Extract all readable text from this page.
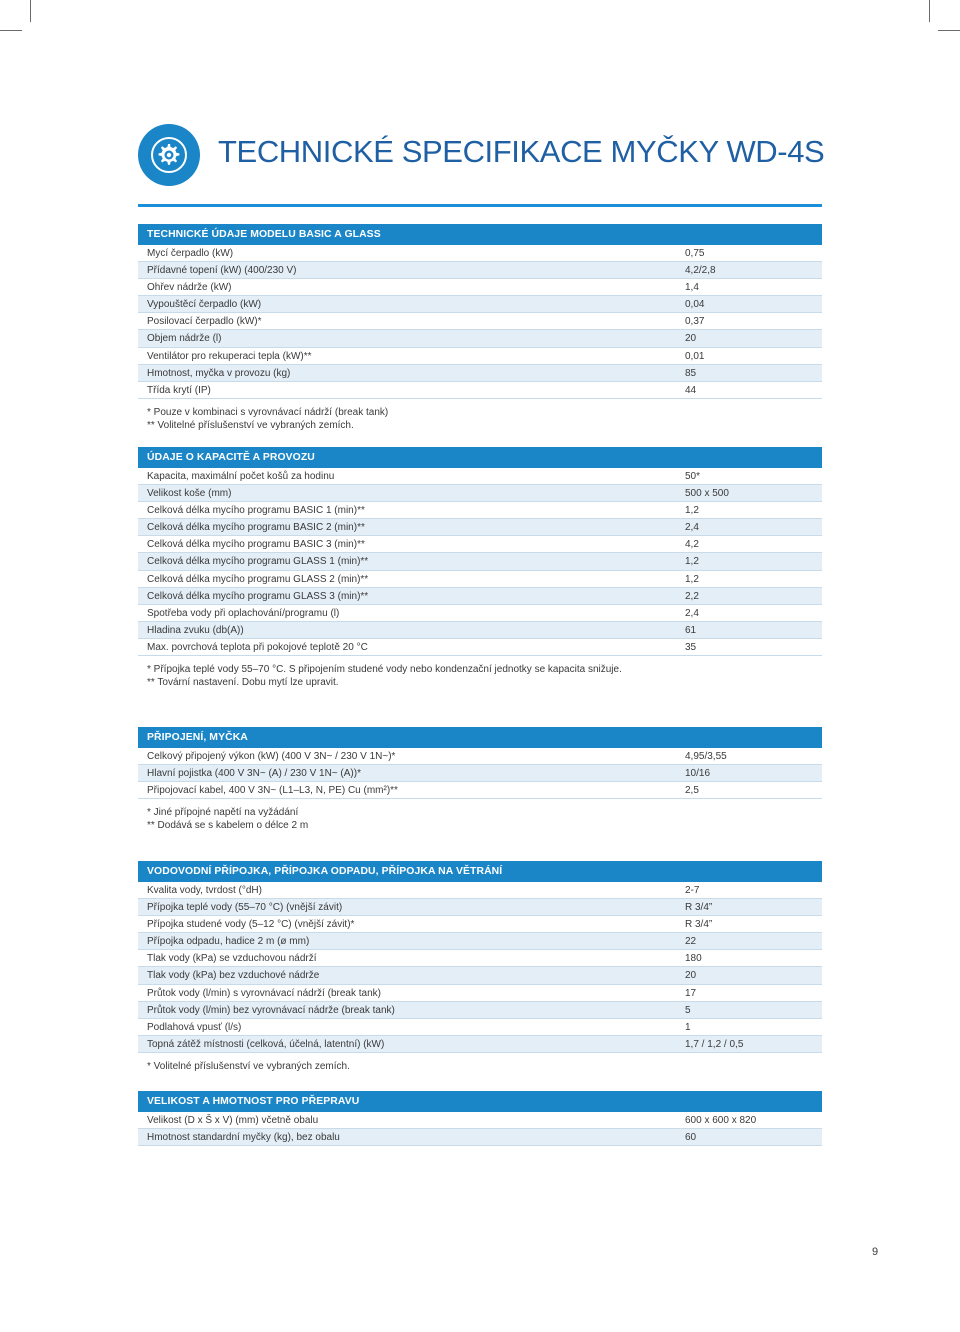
TECHNICKÉ SPECIFIKACE MYČKY WD-4S
TECHNICKÉ ÚDAJE MODELU BASIC A GLASS
Mycí čerpadlo (kW)	0,75
Přídavné topení (kW) (400/230 V)	4,2/2,8
Ohřev nádrže (kW)	1,4
Vypouštěcí čerpadlo (kW)	0,04
Posilovací čerpadlo (kW)*	0,37
Objem nádrže (l)	20
Ventilátor pro rekuperaci tepla (kW)**	0,01
Hmotnost, myčka v provozu (kg)	85
Třída krytí (IP)	44
* Pouze v kombinaci s vyrovnávací nádrží (break tank)
** Volitelné příslušenství ve vybraných zemích.
ÚDAJE O KAPACITĚ A PROVOZU
Kapacita, maximální počet košů za hodinu	50*
Velikost koše (mm)	500 x 500
Celková délka mycího programu BASIC 1 (min)**	1,2
Celková délka mycího programu BASIC 2 (min)**	2,4
Celková délka mycího programu BASIC 3 (min)**	4,2
Celková délka mycího programu GLASS 1 (min)**	1,2
Celková délka mycího programu GLASS 2 (min)**	1,2
Celková délka mycího programu GLASS 3 (min)**	2,2
Spotřeba vody při oplachování/programu (l)	2,4
Hladina zvuku (db(A))	61
Max. povrchová teplota při pokojové teplotě 20 °C	35
* Přípojka teplé vody 55–70 °C. S připojením studené vody nebo kondenzační jednotky se kapacita snižuje.
** Tovární nastavení. Dobu mytí lze upravit.
PŘIPOJENÍ, MYČKA
Celkový připojený výkon (kW) (400 V 3N~ / 230 V 1N~)*	4,95/3,55
Hlavní pojistka (400 V 3N~ (A) / 230 V 1N~ (A))*	10/16
Připojovací kabel, 400 V 3N~ (L1–L3, N, PE) Cu (mm²)**	2,5
* Jiné přípojné napětí na vyžádání
** Dodává se s kabelem o délce 2 m
VODOVODNÍ PŘÍPOJKA, PŘÍPOJKA ODPADU, PŘÍPOJKA NA VĚTRÁNÍ
Kvalita vody, tvrdost (°dH)	2-7
Přípojka teplé vody (55–70 °C) (vnější závit)	R 3/4”
Přípojka studené vody (5–12 °C) (vnější závit)*	R 3/4”
Přípojka odpadu, hadice 2 m (ø mm)	22
Tlak vody (kPa) se vzduchovou nádrží	180
Tlak vody (kPa) bez vzduchové nádrže	20
Průtok vody (l/min) s vyrovnávací nádrží (break tank)	17
Průtok vody (l/min) bez vyrovnávací nádrže (break tank)	5
Podlahová vpusť (l/s)	1
Topná zátěž místnosti (celková, účelná, latentní) (kW)	1,7 / 1,2 / 0,5
* Volitelné příslušenství ve vybraných zemích.
VELIKOST A HMOTNOST PRO PŘEPRAVU
Velikost (D x Š x V) (mm) včetně obalu	600 x 600 x 820
Hmotnost standardní myčky (kg), bez obalu	60
9
